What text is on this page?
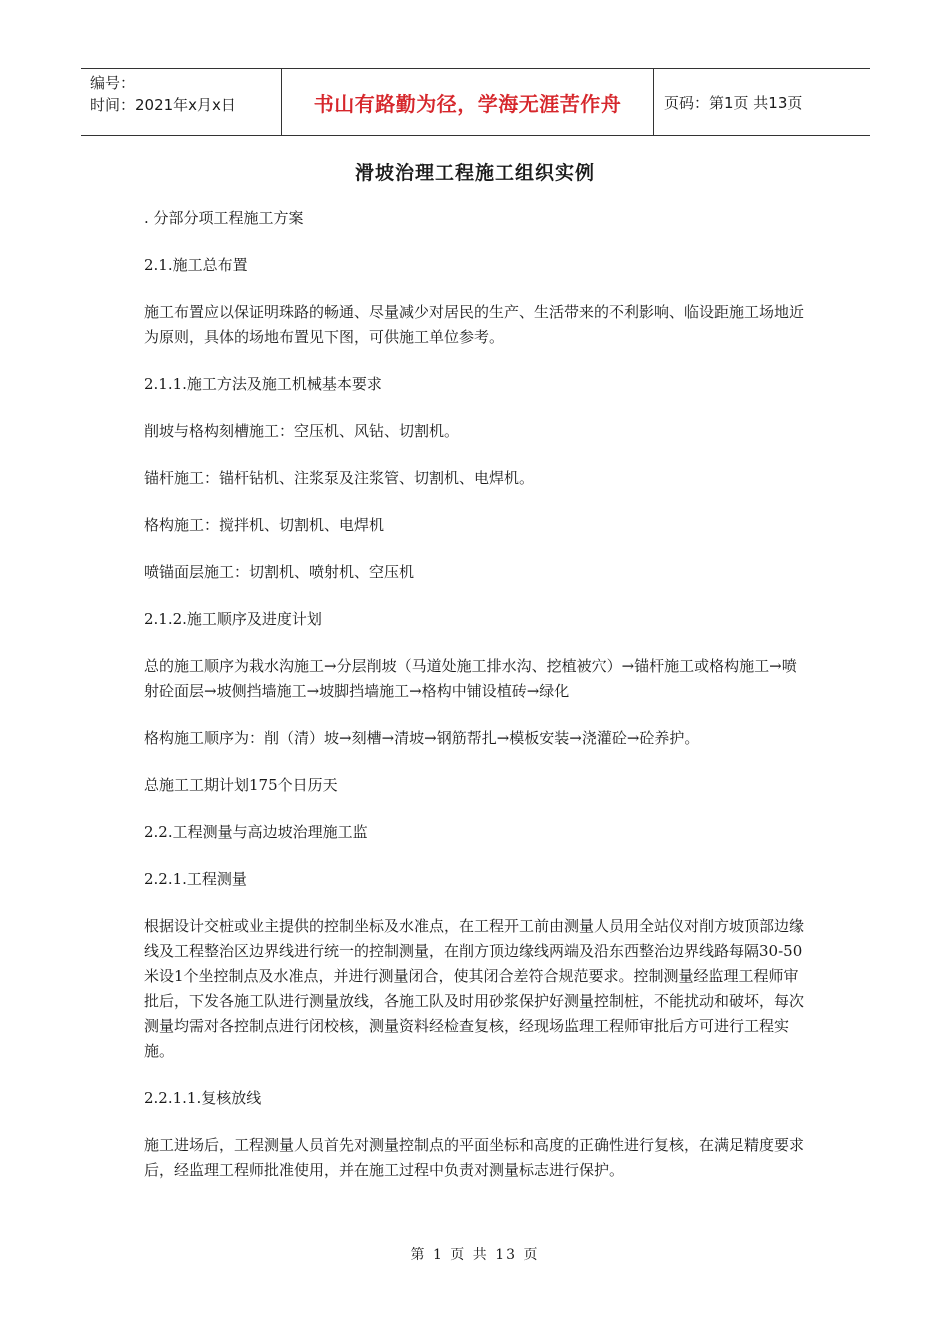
编号：
时间：2021年x月x日	书山有路勤为径，学海无涯苦作舟	页码：第1页 共13页
滑坡治理工程施工组织实例

. 分部分项工程施工方案

2.1.施工总布置

施工布置应以保证明珠路的畅通、尽量减少对居民的生产、生活带来的不利影响、临设距施工场地近为原则，具体的场地布置见下图，可供施工单位参考。

2.1.1.施工方法及施工机械基本要求

削坡与格构刻槽施工：空压机、风钻、切割机。

锚杆施工：锚杆钻机、注浆泵及注浆管、切割机、电焊机。

格构施工：搅拌机、切割机、电焊机

喷锚面层施工：切割机、喷射机、空压机

2.1.2.施工顺序及进度计划

总的施工顺序为栽水沟施工→分层削坡（马道处施工排水沟、挖植被穴）→锚杆施工或格构施工→喷射砼面层→坡侧挡墙施工→坡脚挡墙施工→格构中铺设植砖→绿化

格构施工顺序为：削（清）坡→刻槽→清坡→钢筋帮扎→模板安装→浇灌砼→砼养护。

总施工工期计划175个日历天

2.2.工程测量与高边坡治理施工监

2.2.1.工程测量

根据设计交桩或业主提供的控制坐标及水准点，在工程开工前由测量人员用全站仪对削方坡顶部边缘线及工程整治区边界线进行统一的控制测量，在削方顶边缘线两端及沿东西整治边界线路每隔30-50米设1个坐控制点及水准点，并进行测量闭合，使其闭合差符合规范要求。控制测量经监理工程师审批后，下发各施工队进行测量放线，各施工队及时用砂浆保护好测量控制桩，不能扰动和破坏，每次测量均需对各控制点进行闭校核，测量资料经检查复核，经现场监理工程师审批后方可进行工程实施。

2.2.1.1.复核放线

施工进场后，工程测量人员首先对测量控制点的平面坐标和高度的正确性进行复核，在满足精度要求后，经监理工程师批准使用，并在施工过程中负责对测量标志进行保护。

第 1 页 共 13 页
